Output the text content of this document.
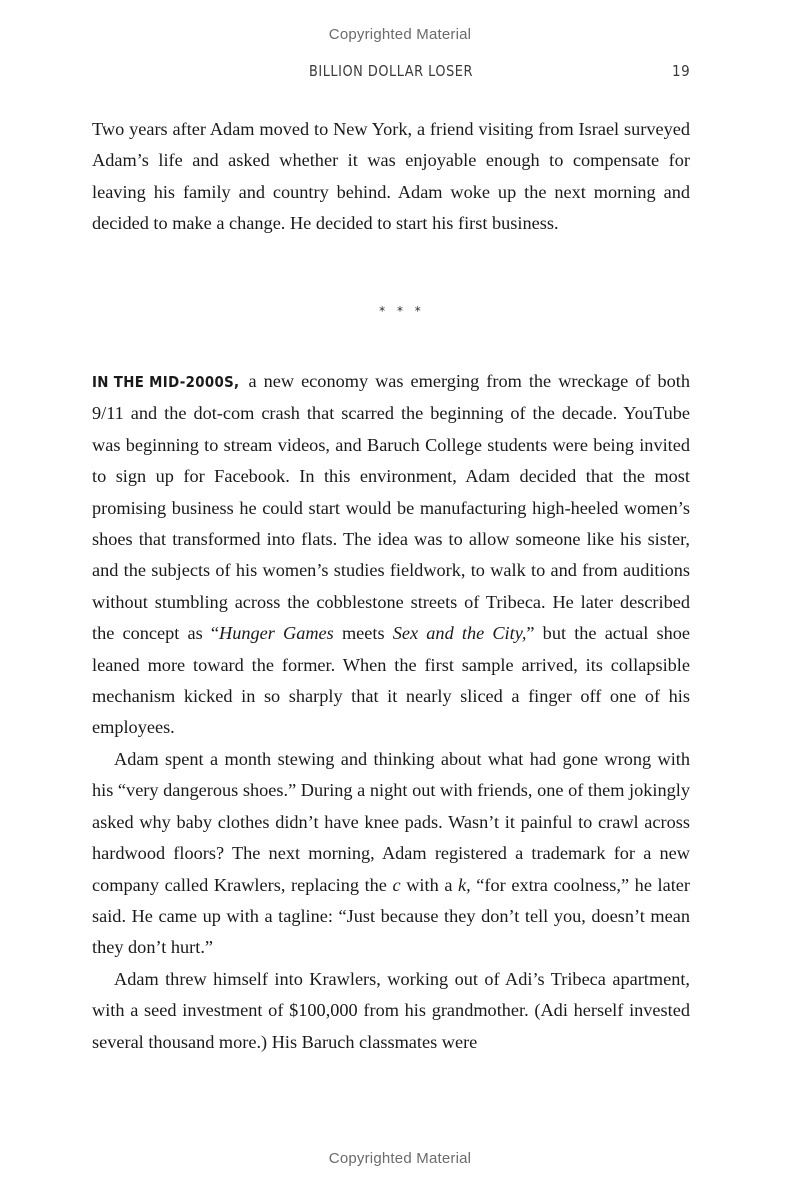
Copyrighted Material
BILLION DOLLAR LOSER	19

Two years after Adam moved to New York, a friend visiting from Israel surveyed Adam’s life and asked whether it was enjoyable enough to compensate for leaving his family and country behind. Adam woke up the next morning and decided to make a change. He decided to start his first business.

* * *

IN THE MID-2000S, a new economy was emerging from the wreckage of both 9/11 and the dot-com crash that scarred the beginning of the decade. YouTube was beginning to stream videos, and Baruch College students were being invited to sign up for Facebook. In this environment, Adam decided that the most promising business he could start would be manufacturing high-heeled women’s shoes that transformed into flats. The idea was to allow someone like his sister, and the subjects of his women’s studies fieldwork, to walk to and from auditions without stumbling across the cobblestone streets of Tribeca. He later described the concept as “Hunger Games meets Sex and the City,” but the actual shoe leaned more toward the former. When the first sample arrived, its collapsible mechanism kicked in so sharply that it nearly sliced a finger off one of his employees.

Adam spent a month stewing and thinking about what had gone wrong with his “very dangerous shoes.” During a night out with friends, one of them jokingly asked why baby clothes didn’t have knee pads. Wasn’t it painful to crawl across hardwood floors? The next morning, Adam registered a trademark for a new company called Krawlers, replacing the c with a k, “for extra coolness,” he later said. He came up with a tagline: “Just because they don’t tell you, doesn’t mean they don’t hurt.”

Adam threw himself into Krawlers, working out of Adi’s Tribeca apartment, with a seed investment of $100,000 from his grandmother. (Adi herself invested several thousand more.) His Baruch classmates were

Copyrighted Material
